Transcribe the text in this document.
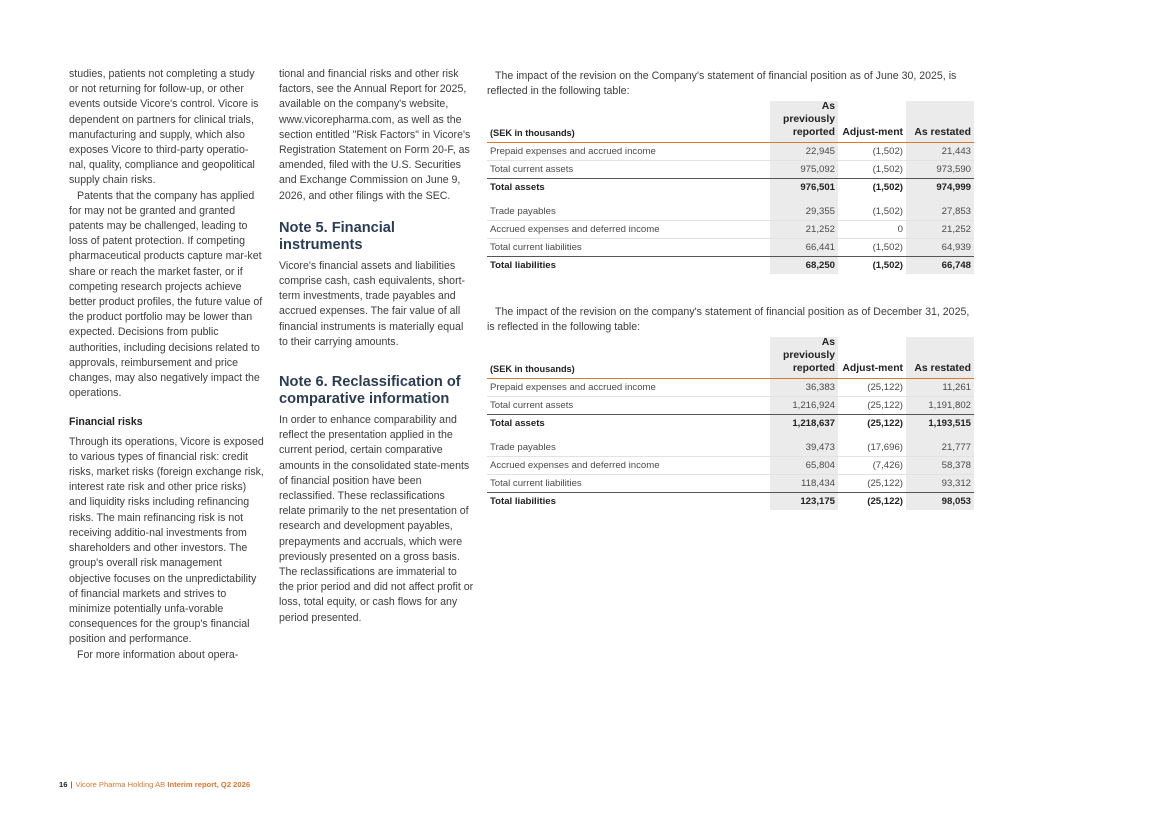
studies, patients not completing a study or not returning for follow-up, or other events outside Vicore's control. Vicore is dependent on partners for clinical trials, manufacturing and supply, which also exposes Vicore to third-party operatio-nal, quality, compliance and geopolitical supply chain risks.

Patents that the company has applied for may not be granted and granted patents may be challenged, leading to loss of patent protection. If competing pharmaceutical products capture mar-ket share or reach the market faster, or if competing research projects achieve better product profiles, the future value of the product portfolio may be lower than expected. Decisions from public authorities, including decisions related to approvals, reimbursement and price changes, may also negatively impact the operations.

Financial risks

Through its operations, Vicore is exposed to various types of financial risk: credit risks, market risks (foreign exchange risk, interest rate risk and other price risks) and liquidity risks including refinancing risks. The main refinancing risk is not receiving additio-nal investments from shareholders and other investors. The group's overall risk management objective focuses on the unpredictability of financial markets and strives to minimize potentially unfa-vorable consequences for the group's financial position and performance.

For more information about opera-

tional and financial risks and other risk factors, see the Annual Report for 2025, available on the company's website, www.vicorepharma.com, as well as the section entitled "Risk Factors" in Vicore's Registration Statement on Form 20-F, as amended, filed with the U.S. Securities and Exchange Commission on June 9, 2026, and other filings with the SEC.

Note 5. Financial instruments

Vicore's financial assets and liabilities comprise cash, cash equivalents, short-term investments, trade payables and accrued expenses. The fair value of all financial instruments is materially equal to their carrying amounts.

Note 6. Reclassification of comparative information

In order to enhance comparability and reflect the presentation applied in the current period, certain comparative amounts in the consolidated state-ments of financial position have been reclassified. These reclassifications relate primarily to the net presentation of research and development payables, prepayments and accruals, which were previously presented on a gross basis. The reclassifications are immaterial to the prior period and did not affect profit or loss, total equity, or cash flows for any period presented.

The impact of the revision on the Company's statement of financial position as of June 30, 2025, is reflected in the following table:

(SEK in thousands)	As previously reported	Adjust-ment	As restated
Prepaid expenses and accrued income	22,945	(1,502)	21,443
Total current assets	975,092	(1,502)	973,590
Total assets	976,501	(1,502)	974,999

Trade payables	29,355	(1,502)	27,853
Accrued expenses and deferred income	21,252	0	21,252
Total current liabilities	66,441	(1,502)	64,939
Total liabilities	68,250	(1,502)	66,748

The impact of the revision on the company's statement of financial position as of December 31, 2025, is reflected in the following table:

(SEK in thousands)	As previously reported	Adjust-ment	As restated
Prepaid expenses and accrued income	36,383	(25,122)	11,261
Total current assets	1,216,924	(25,122)	1,191,802
Total assets	1,218,637	(25,122)	1,193,515

Trade payables	39,473	(17,696)	21,777
Accrued expenses and deferred income	65,804	(7,426)	58,378
Total current liabilities	118,434	(25,122)	93,312
Total liabilities	123,175	(25,122)	98,053
16 | Vicore Pharma Holding AB Interim report, Q2 2026
